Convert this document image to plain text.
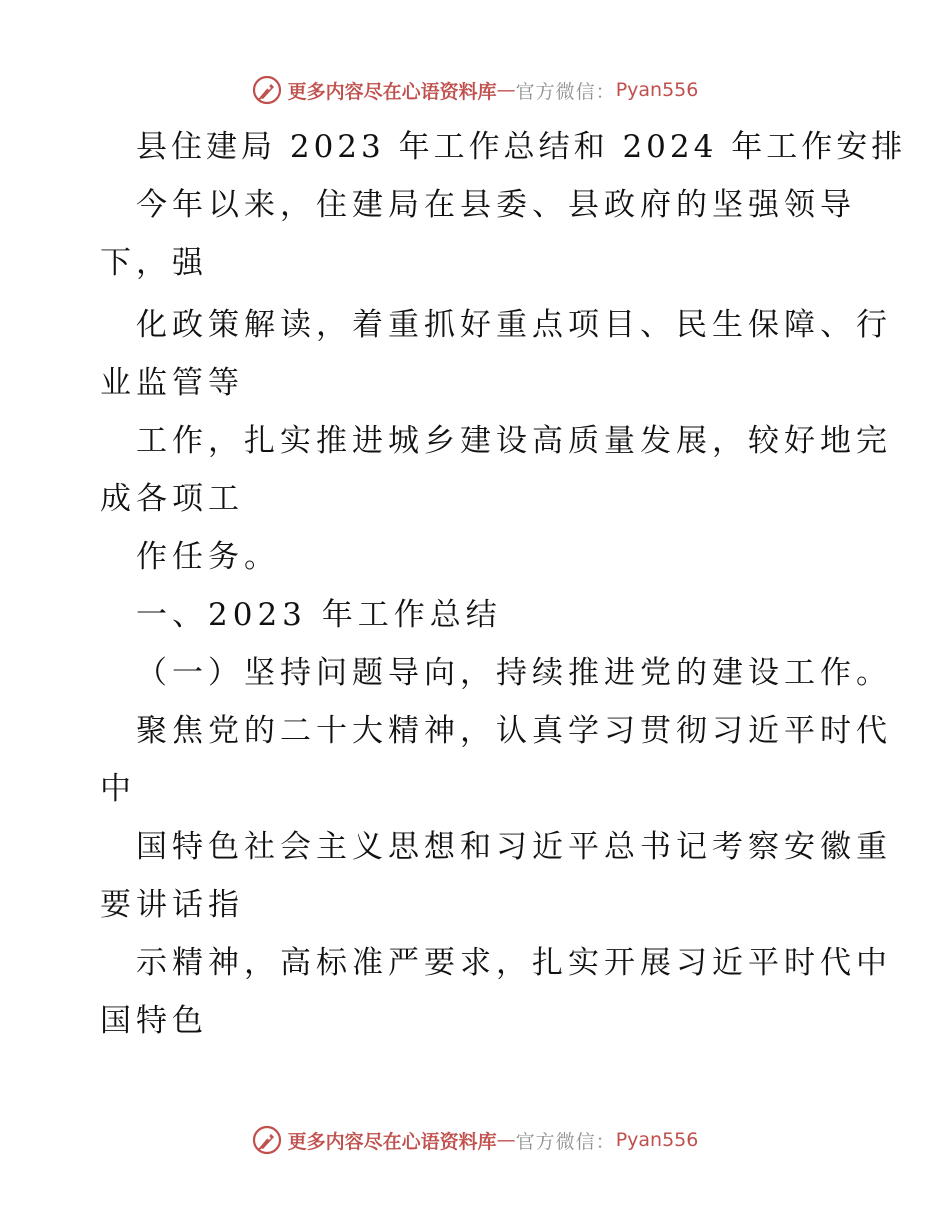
更多内容尽在心语资料库 — 官方微信： Pyan556
县住建局 2023 年工作总结和 2024 年工作安排
今年以来，住建局在县委、县政府的坚强领导
下，强
化政策解读，着重抓好重点项目、民生保障、行
业监管等
工作，扎实推进城乡建设高质量发展，较好地完
成各项工
作任务。
一、2023 年工作总结
（一）坚持问题导向，持续推进党的建设工作。
聚焦党的二十大精神，认真学习贯彻习近平时代
中
国特色社会主义思想和习近平总书记考察安徽重
要讲话指
示精神，高标准严要求，扎实开展习近平时代中
国特色
更多内容尽在心语资料库 — 官方微信： Pyan556
